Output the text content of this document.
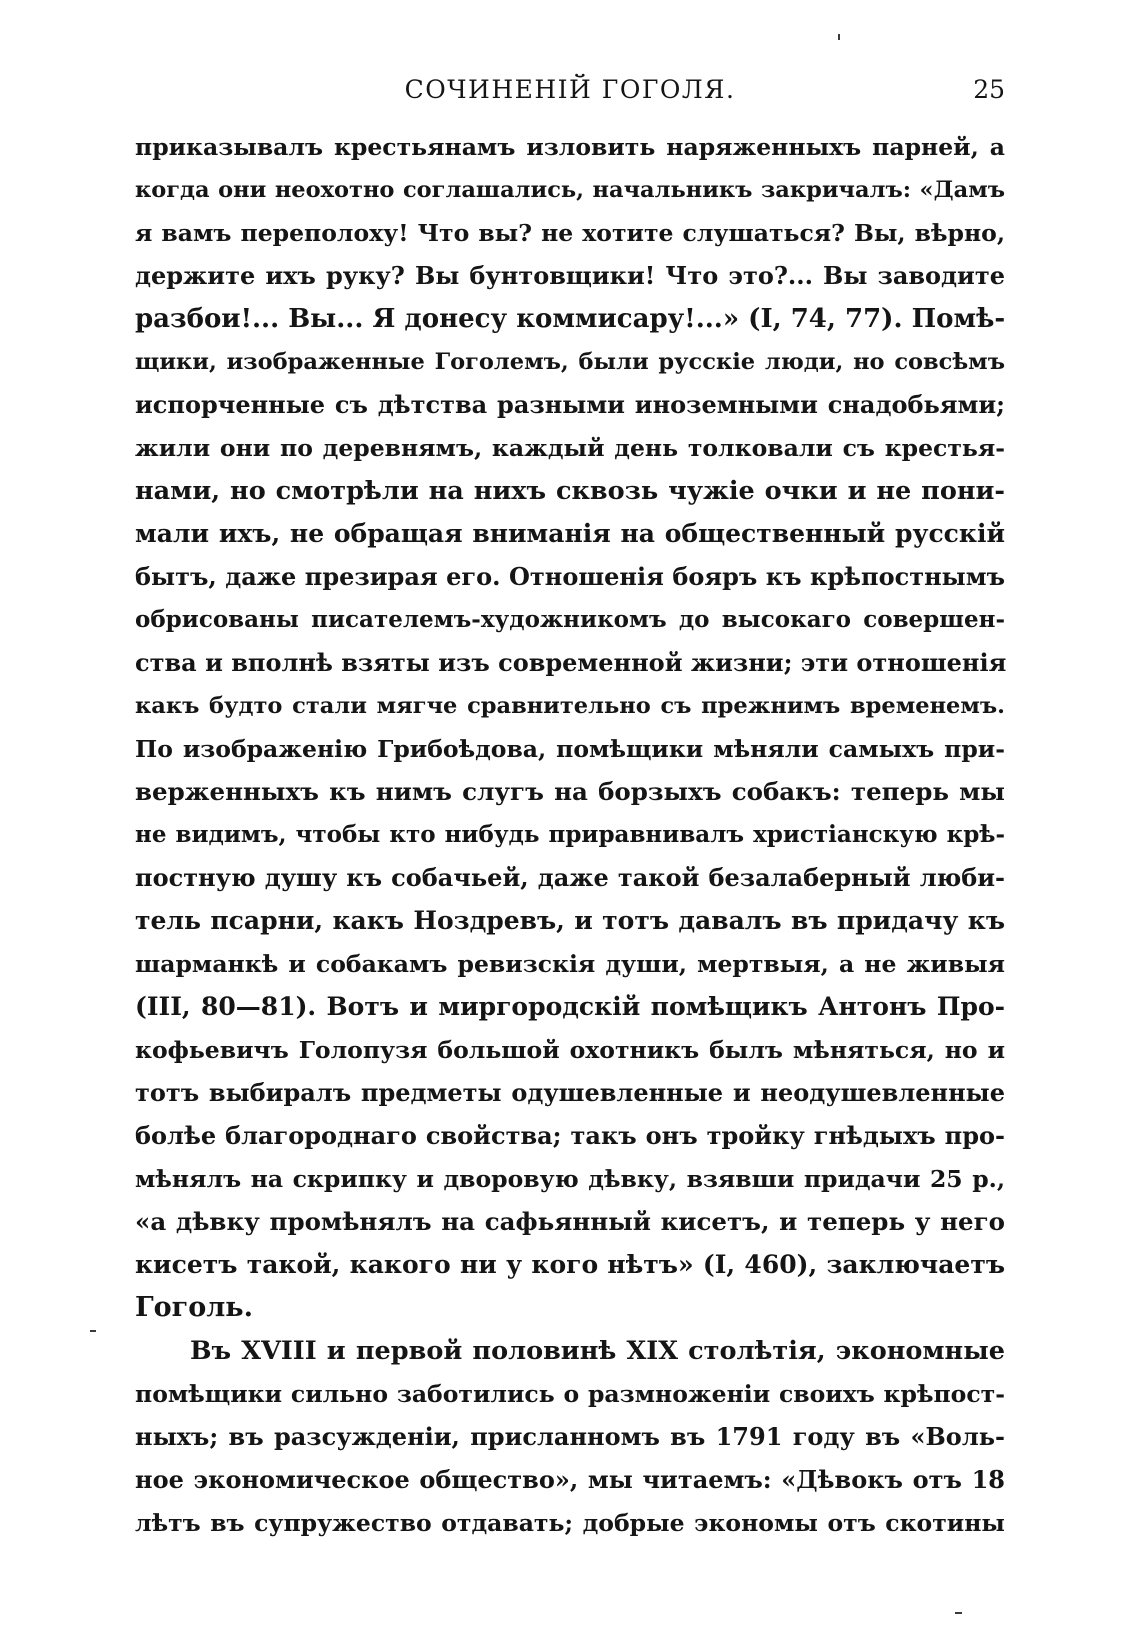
СОЧИНЕНІЙ ГОГОЛЯ.	25
приказывалъ крестьянамъ изловить наряженныхъ парней, а
когда они неохотно соглашались, начальникъ закричалъ: «Дамъ
я вамъ переполоху! Что вы? не хотите слушаться? Вы, вѣрно,
держите ихъ руку? Вы бунтовщики! Что это?... Вы заводите
разбои!... Вы... Я донесу коммисару!...» (I, 74, 77). Помѣ-
щики, изображенные Гоголемъ, были русскіе люди, но совсѣмъ
испорченные съ дѣтства разными иноземными снадобьями;
жили они по деревнямъ, каждый день толковали съ крестья-
нами, но смотрѣли на нихъ сквозь чужіе очки и не пони-
мали ихъ, не обращая вниманія на общественный русскій
бытъ, даже презирая его. Отношенія бояръ къ крѣпостнымъ
обрисованы писателемъ-художникомъ до высокаго совершен-
ства и вполнѣ взяты изъ современной жизни; эти отношенія
какъ будто стали мягче сравнительно съ прежнимъ временемъ.
По изображенію Грибоѣдова, помѣщики мѣняли самыхъ при-
верженныхъ къ нимъ слугъ на борзыхъ собакъ: теперь мы
не видимъ, чтобы кто нибудь приравнивалъ христіанскую крѣ-
постную душу къ собачьей, даже такой безалаберный люби-
тель псарни, какъ Ноздревъ, и тотъ давалъ въ придачу къ
шарманкѣ и собакамъ ревизскія души, мертвыя, а не живыя
(III, 80—81). Вотъ и миргородскій помѣщикъ Антонъ Про-
кофьевичъ Голопузя большой охотникъ былъ мѣняться, но и
тотъ выбиралъ предметы одушевленные и неодушевленные
болѣе благороднаго свойства; такъ онъ тройку гнѣдыхъ про-
мѣнялъ на скрипку и дворовую дѣвку, взявши придачи 25 р.,
«а дѣвку промѣнялъ на сафьянный кисетъ, и теперь у него
кисетъ такой, какого ни у кого нѣтъ» (I, 460), заключаетъ
Гоголь.
Въ XVIII и первой половинѣ XIX столѣтія, экономные
помѣщики сильно заботились о размноженіи своихъ крѣпост-
ныхъ; въ разсужденіи, присланномъ въ 1791 году въ «Воль-
ное экономическое общество», мы читаемъ: «Дѣвокъ отъ 18
лѣтъ въ супружество отдавать; добрые экономы отъ скотины
